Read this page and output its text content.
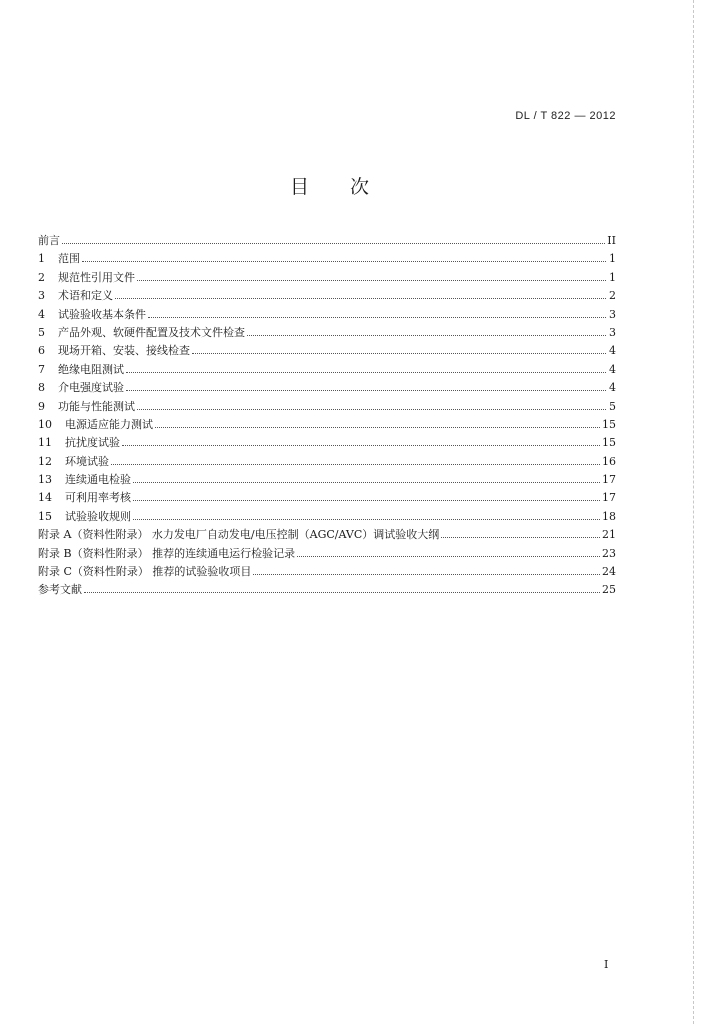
DL / T 822 — 2012
目 次
前言	II
1	范围	1
2	规范性引用文件	1
3	术语和定义	2
4	试验验收基本条件	3
5	产品外观、软硬件配置及技术文件检查	3
6	现场开箱、安装、接线检查	4
7	绝缘电阻测试	4
8	介电强度试验	4
9	功能与性能测试	5
10	电源适应能力测试	15
11	抗扰度试验	15
12	环境试验	16
13	连续通电检验	17
14	可利用率考核	17
15	试验验收规则	18
附录 A（资料性附录） 水力发电厂自动发电/电压控制（AGC/AVC）调试验收大纲	21
附录 B（资料性附录） 推荐的连续通电运行检验记录	23
附录 C（资料性附录） 推荐的试验验收项目	24
参考文献	25
I
